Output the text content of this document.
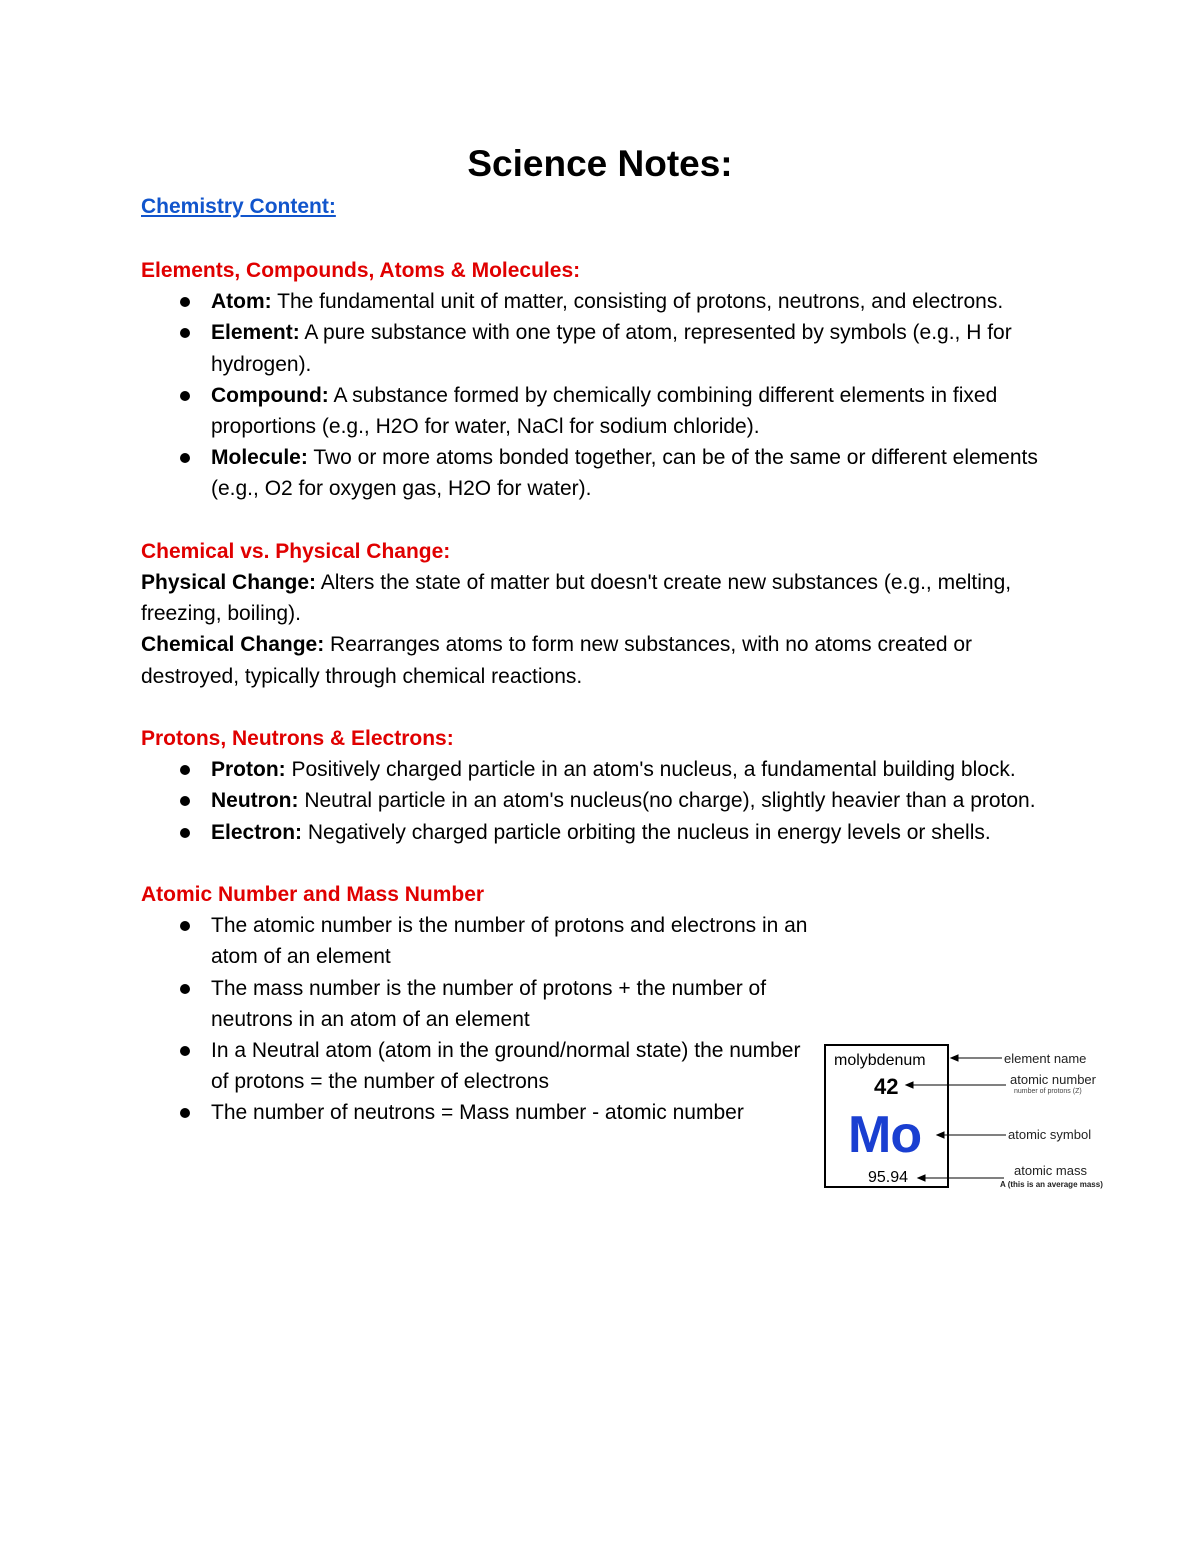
Science Notes:
Chemistry Content:
Elements, Compounds, Atoms & Molecules:
Atom: The fundamental unit of matter, consisting of protons, neutrons, and electrons.
Element: A pure substance with one type of atom, represented by symbols (e.g., H for hydrogen).
Compound: A substance formed by chemically combining different elements in fixed proportions (e.g., H2O for water, NaCl for sodium chloride).
Molecule: Two or more atoms bonded together, can be of the same or different elements (e.g., O2 for oxygen gas, H2O for water).
Chemical vs. Physical Change:

Physical Change: Alters the state of matter but doesn't create new substances (e.g., melting, freezing, boiling).

Chemical Change: Rearranges atoms to form new substances, with no atoms created or destroyed, typically through chemical reactions.

Protons, Neutrons & Electrons:
Proton: Positively charged particle in an atom's nucleus, a fundamental building block.
Neutron: Neutral particle in an atom's nucleus(no charge), slightly heavier than a proton.
Electron: Negatively charged particle orbiting the nucleus in energy levels or shells.
Atomic Number and Mass Number
The atomic number is the number of protons and electrons in an atom of an element
The mass number is the number of protons + the number of neutrons in an atom of an element
In a Neutral atom (atom in the ground/normal state) the number of protons = the number of electrons
The number of neutrons = Mass number - atomic number
molybdenum
42
Mo
95.94
element name
atomic number
number of protons (Z)
atomic symbol
atomic mass
A (this is an average mass)
